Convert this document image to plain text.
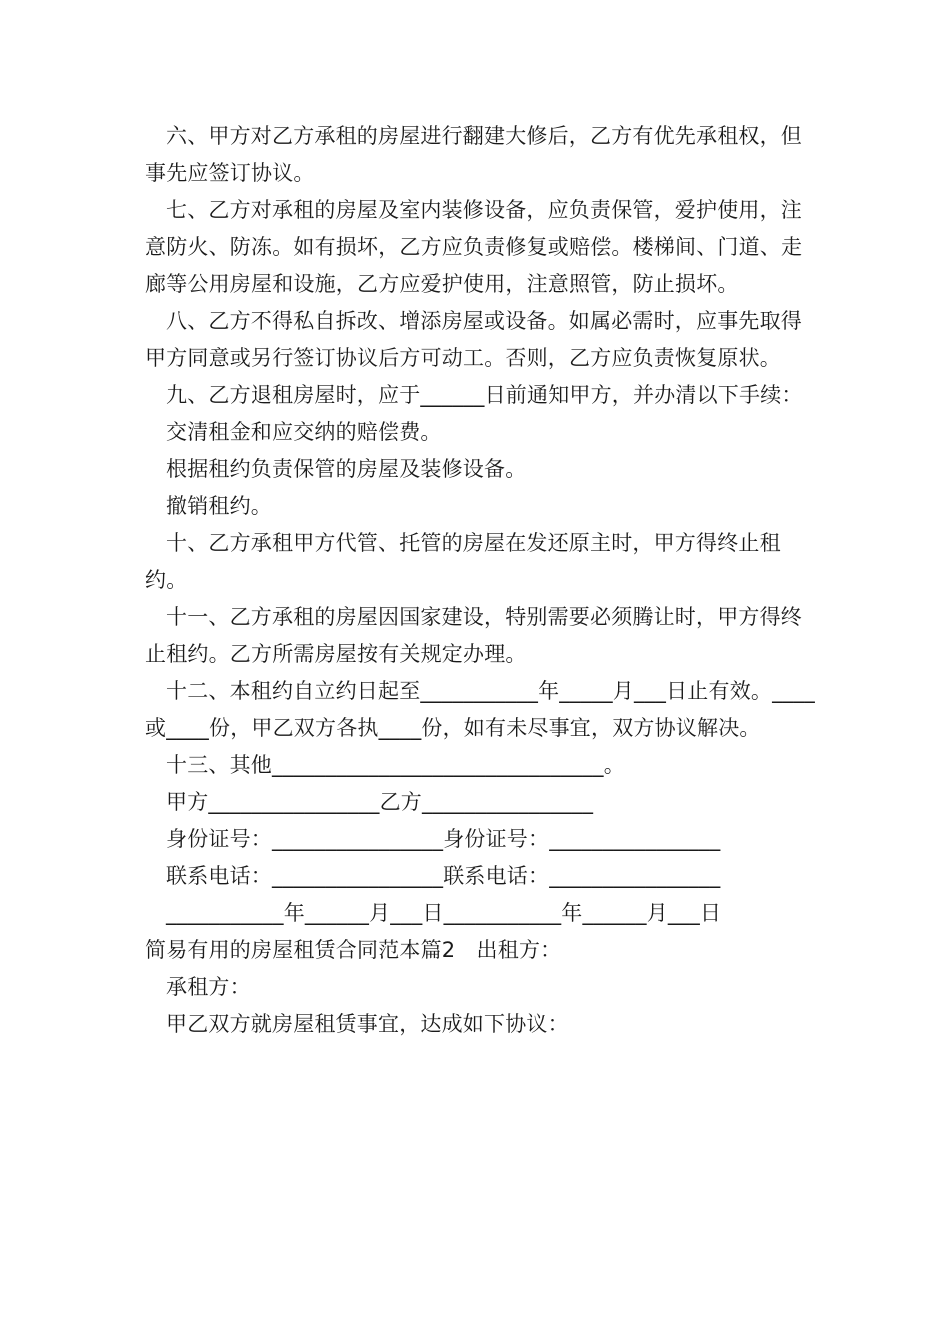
六、甲方对乙方承租的房屋进行翻建大修后，乙方有优先承租权，但事先应签订协议。

七、乙方对承租的房屋及室内装修设备，应负责保管，爱护使用，注意防火、防冻。如有损坏，乙方应负责修复或赔偿。楼梯间、门道、走廊等公用房屋和设施，乙方应爱护使用，注意照管，防止损坏。

八、乙方不得私自拆改、增添房屋或设备。如属必需时，应事先取得甲方同意或另行签订协议后方可动工。否则，乙方应负责恢复原状。

九、乙方退租房屋时，应于______日前通知甲方，并办清以下手续：

交清租金和应交纳的赔偿费。

根据租约负责保管的房屋及装修设备。

撤销租约。

十、乙方承租甲方代管、托管的房屋在发还原主时，甲方得终止租约。

十一、乙方承租的房屋因国家建设，特别需要必须腾让时，甲方得终止租约。乙方所需房屋按有关规定办理。

十二、本租约自立约日起至___________年_____月___日止有效。____或____份，甲乙双方各执____份，如有未尽事宜，双方协议解决。

十三、其他_______________________________。

甲方________________乙方________________

身份证号：________________身份证号：________________

联系电话：________________联系电话：________________

___________年______月___日___________年______月___日

简易有用的房屋租赁合同范本篇2　出租方：

承租方：

甲乙双方就房屋租赁事宜，达成如下协议：
